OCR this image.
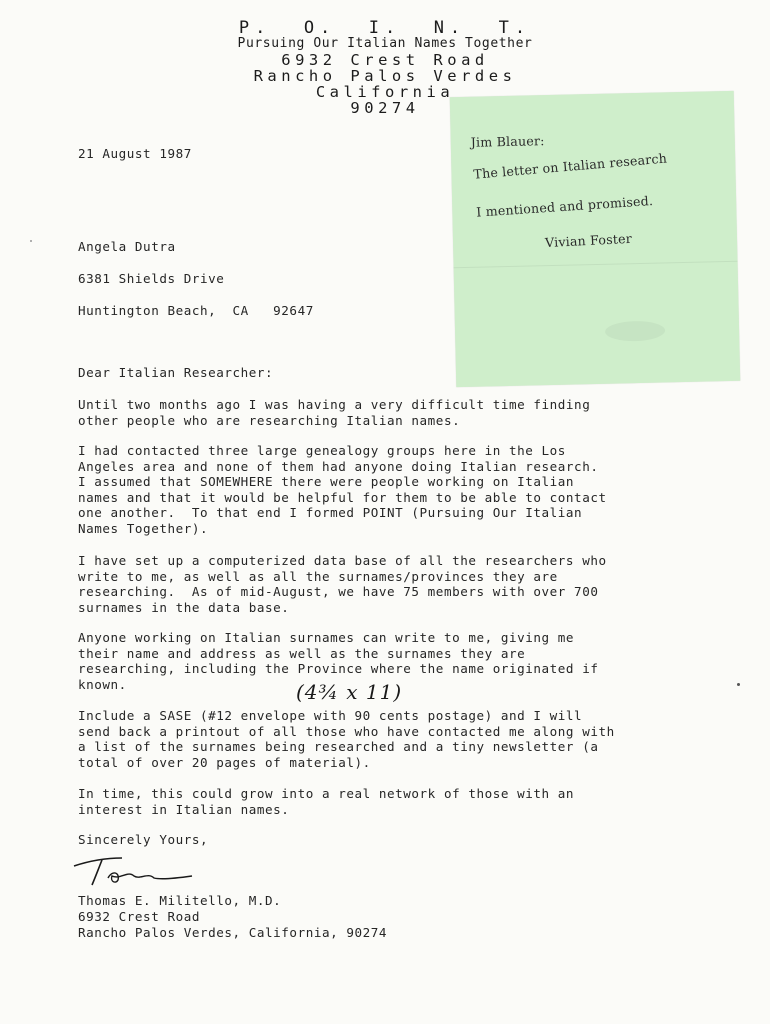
P.  O.  I.  N.  T.
Pursuing Our Italian Names Together
6932 Crest Road
Rancho Palos Verdes
California
90274
Jim Blauer:
The letter on Italian research
I mentioned and promised.
Vivian Foster
21 August 1987
Angela Dutra
6381 Shields Drive
Huntington Beach,  CA   92647
Dear Italian Researcher:
Until two months ago I was having a very difficult time finding
other people who are researching Italian names.
I had contacted three large genealogy groups here in the Los
Angeles area and none of them had anyone doing Italian research.
I assumed that SOMEWHERE there were people working on Italian
names and that it would be helpful for them to be able to contact
one another.  To that end I formed POINT (Pursuing Our Italian
Names Together).
I have set up a computerized data base of all the researchers who
write to me, as well as all the surnames/provinces they are
researching.  As of mid-August, we have 75 members with over 700
surnames in the data base.
Anyone working on Italian surnames can write to me, giving me
their name and address as well as the surnames they are
researching, including the Province where the name originated if
known.	(4¾ x 11)
Include a SASE (#12 envelope with 90 cents postage) and I will
send back a printout of all those who have contacted me along with
a list of the surnames being researched and a tiny newsletter (a
total of over 20 pages of material).
In time, this could grow into a real network of those with an
interest in Italian names.
Sincerely Yours,
Thomas E. Militello, M.D.
6932 Crest Road
Rancho Palos Verdes, California, 90274
